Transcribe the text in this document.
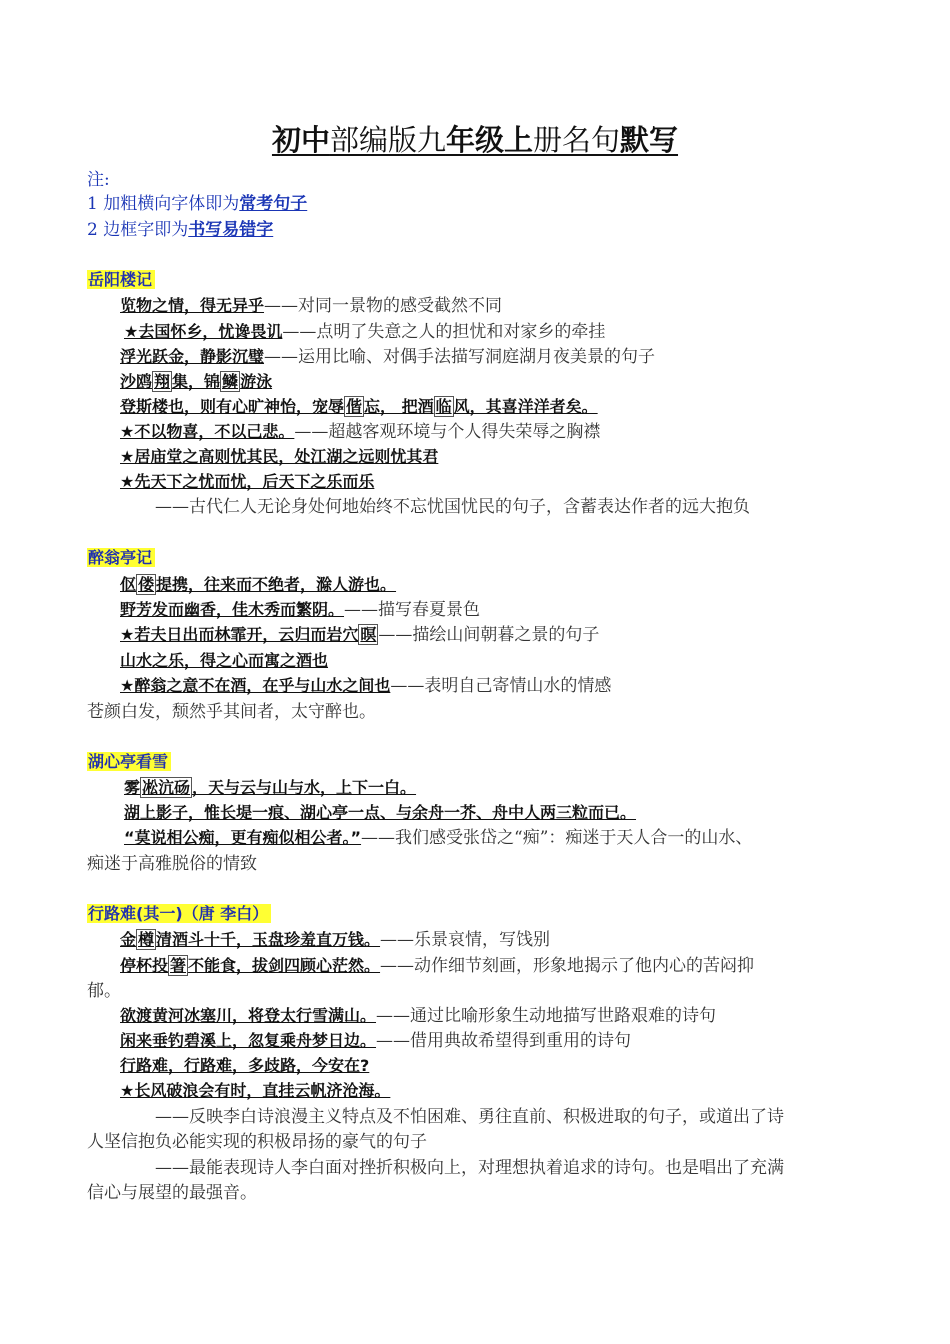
初中部编版九年级上册名句默写
注:
1 加粗横向字体即为常考句子
2 边框字即为书写易错字
岳阳楼记
览物之情，得无异乎——对同一景物的感受截然不同
★去国怀乡，忧谗畏讥——点明了失意之人的担忧和对家乡的牵挂
浮光跃金，静影沉璧——运用比喻、对偶手法描写洞庭湖月夜美景的句子
沙鸥 翔 集，锦 鳞 游泳
登斯楼也，则有心旷神怡，宠辱 偕 忘， 把酒 临 风，其喜洋洋者矣。
★不以物喜，不以己悲。——超越客观环境与个人得失荣辱之胸襟
★居庙堂之高则忧其民，处江湖之远则忧其君
★先天下之忧而忧，后天下之乐而乐
——古代仁人无论身处何地始终不忘忧国忧民的句子，含蓄表达作者的远大抱负
醉翁亭记
伛 偻 提携，往来而不绝者，滁人游也。
野芳发而幽香，佳木秀而繁阴。——描写春夏景色
★若夫日出而林霏开，云归而岩穴 暝 ——描绘山间朝暮之景的句子
山水之乐，得之心而寓之酒也
★醉翁之意不在酒，在乎与山水之间也——表明自己寄情山水的情感
苍颜白发，颓然乎其间者，太守醉也。
湖心亭看雪
雾 凇沆砀 ，天与云与山与水，上下一白。
湖上影子，惟长堤一痕、湖心亭一点、与余舟一芥、舟中人两三粒而已。
“莫说相公痴，更有痴似相公者。”——我们感受张岱之“痴”：痴迷于天人合一的山水、
痴迷于高雅脱俗的情致
行路难(其一)（唐 李白）
金 樽 清酒斗十千，玉盘珍羞直万钱。——乐景哀情，写饯别
停杯投 箸 不能食，拔剑四顾心茫然。——动作细节刻画，形象地揭示了他内心的苦闷抑
郁。
欲渡黄河冰塞川，将登太行雪满山。——通过比喻形象生动地描写世路艰难的诗句
闲来垂钓碧溪上，忽复乘舟梦日边。——借用典故希望得到重用的诗句
行路难，行路难，多歧路，今安在?
★长风破浪会有时，直挂云帆济沧海。
——反映李白诗浪漫主义特点及不怕困难、勇往直前、积极进取的句子，或道出了诗
人坚信抱负必能实现的积极昂扬的豪气的句子
——最能表现诗人李白面对挫折积极向上，对理想执着追求的诗句。也是唱出了充满
信心与展望的最强音。
